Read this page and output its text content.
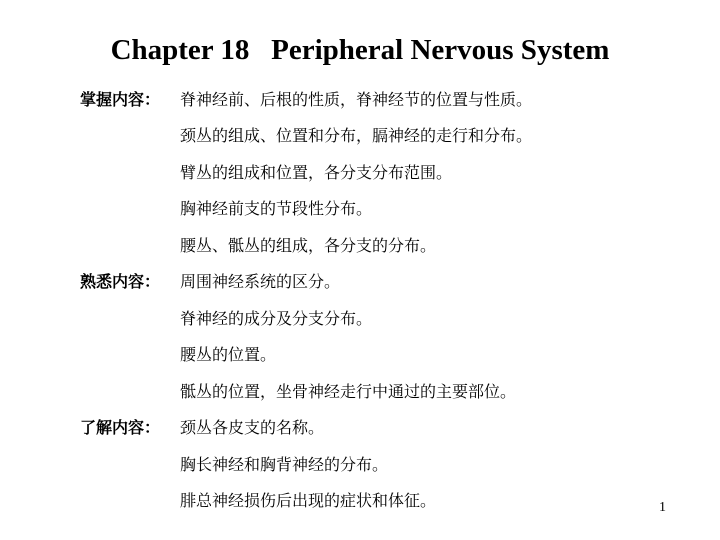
Chapter 18   Peripheral Nervous System
掌握内容：	脊神经前、后根的性质，脊神经节的位置与性质。
颈丛的组成、位置和分布，膈神经的走行和分布。
臂丛的组成和位置，各分支分布范围。
胸神经前支的节段性分布。
腰丛、骶丛的组成，各分支的分布。
熟悉内容：	周围神经系统的区分。
脊神经的成分及分支分布。
腰丛的位置。
骶丛的位置，坐骨神经走行中通过的主要部位。
了解内容：	颈丛各皮支的名称。
胸长神经和胸背神经的分布。
腓总神经损伤后出现的症状和体征。	1
